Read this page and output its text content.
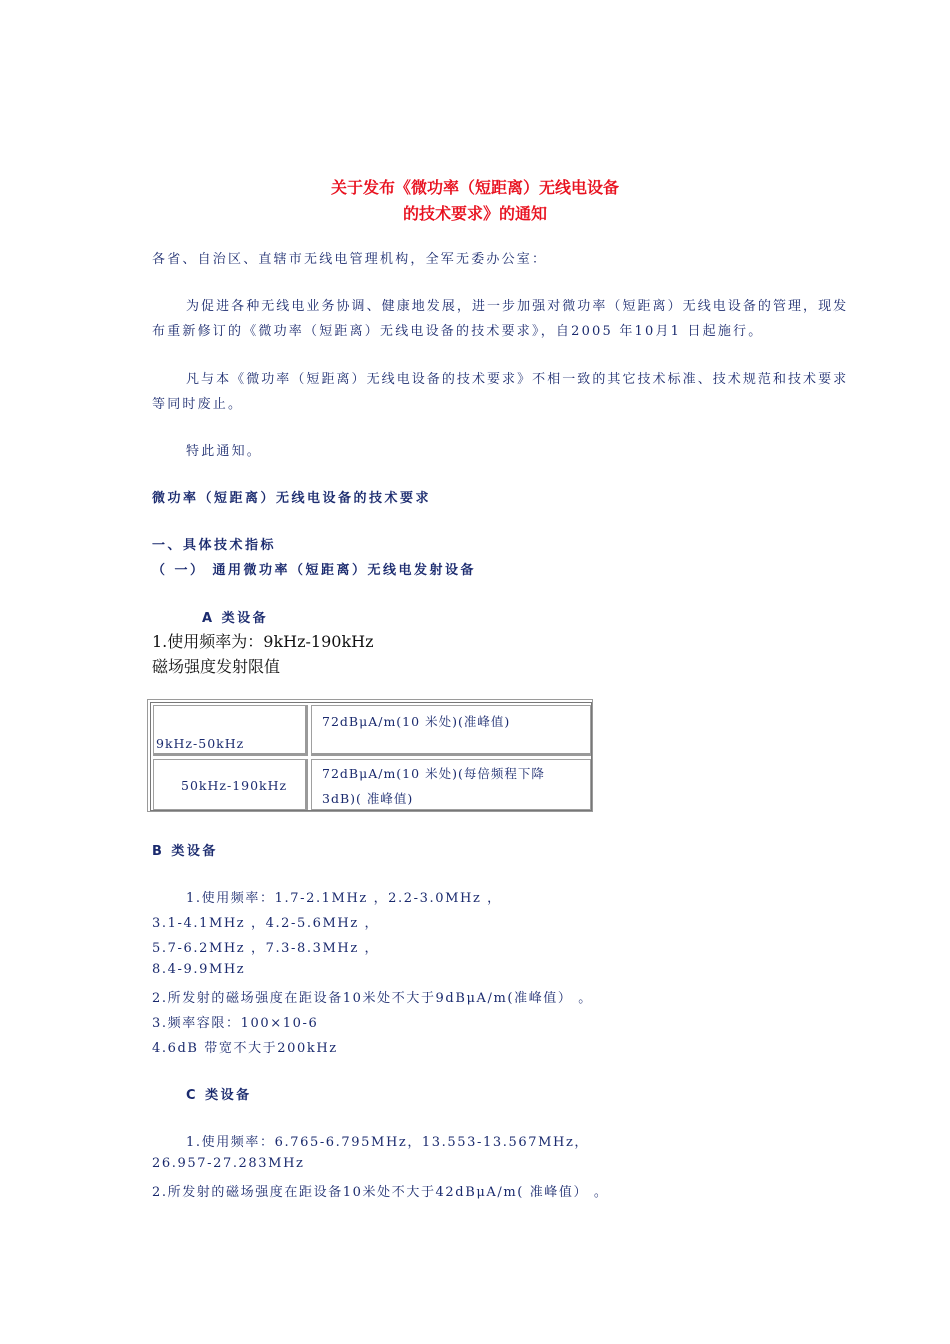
关于发布《微功率（短距离）无线电设备
的技术要求》的通知
各省、自治区、直辖市无线电管理机构，全军无委办公室：
为促进各种无线电业务协调、健康地发展，进一步加强对微功率（短距离）无线电设备的管理，现发
布重新修订的《微功率（短距离）无线电设备的技术要求》，自2005 年10月1 日起施行。
凡与本《微功率（短距离）无线电设备的技术要求》不相一致的其它技术标准、技术规范和技术要求
等同时废止。
特此通知。
微功率（短距离）无线电设备的技术要求
一、具体技术指标
（ 一） 通用微功率（短距离）无线电发射设备
A 类设备
1.使用频率为：9kHz-190kHz
磁场强度发射限值
9kHz-50kHz
72dBμA/m(10 米处)(准峰值)
50kHz-190kHz
72dBμA/m(10 米处)(每倍频程下降
3dB)( 准峰值)
B 类设备
1.使用频率：1.7-2.1MHz ，2.2-3.0MHz ，
3.1-4.1MHz ，4.2-5.6MHz ，
5.7-6.2MHz ，7.3-8.3MHz ，
8.4-9.9MHz
2.所发射的磁场强度在距设备10米处不大于9dBμA/m(准峰值） 。
3.频率容限：100×10-6
4.6dB 带宽不大于200kHz
C 类设备
1.使用频率：6.765-6.795MHz，13.553-13.567MHz，
26.957-27.283MHz
2.所发射的磁场强度在距设备10米处不大于42dBμA/m( 准峰值） 。
